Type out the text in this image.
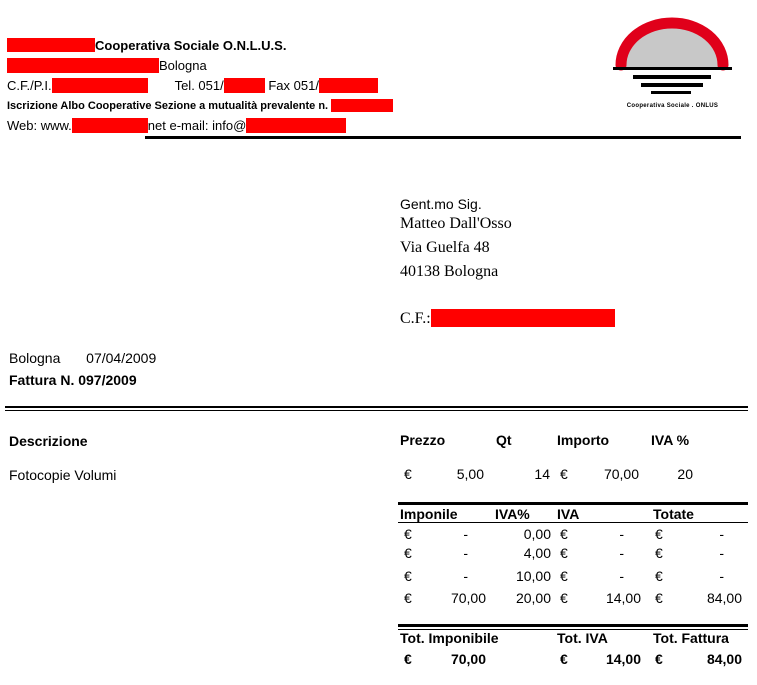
Cooperativa Sociale O.N.L.U.S.
Bologna
C.F./P.I.	Tel. 051/	Fax 051/
Iscrizione Albo Cooperative Sezione a mutualità prevalente n.
Web: www.	net e-mail: info@
Cooperativa Sociale . ONLUS
Gent.mo Sig.
Matteo Dall'Osso
Via Guelfa 48
40138 Bologna
C.F.:
Bologna 07/04/2009
Fattura N. 097/2009
Descrizione	Prezzo	Qt	Importo	IVA %
Fotocopie Volumi	€	5,00	14 €	70,00	20
Imponile	IVA% IVA	Totate
€	-	0,00 €	- €	-
€	-	4,00 €	- €	-
€	-	10,00 €	- €	-
€	70,00	20,00 €	14,00 €	84,00
Tot. Imponibile	Tot. IVA	Tot. Fattura
€	70,00	€	14,00 €	84,00
